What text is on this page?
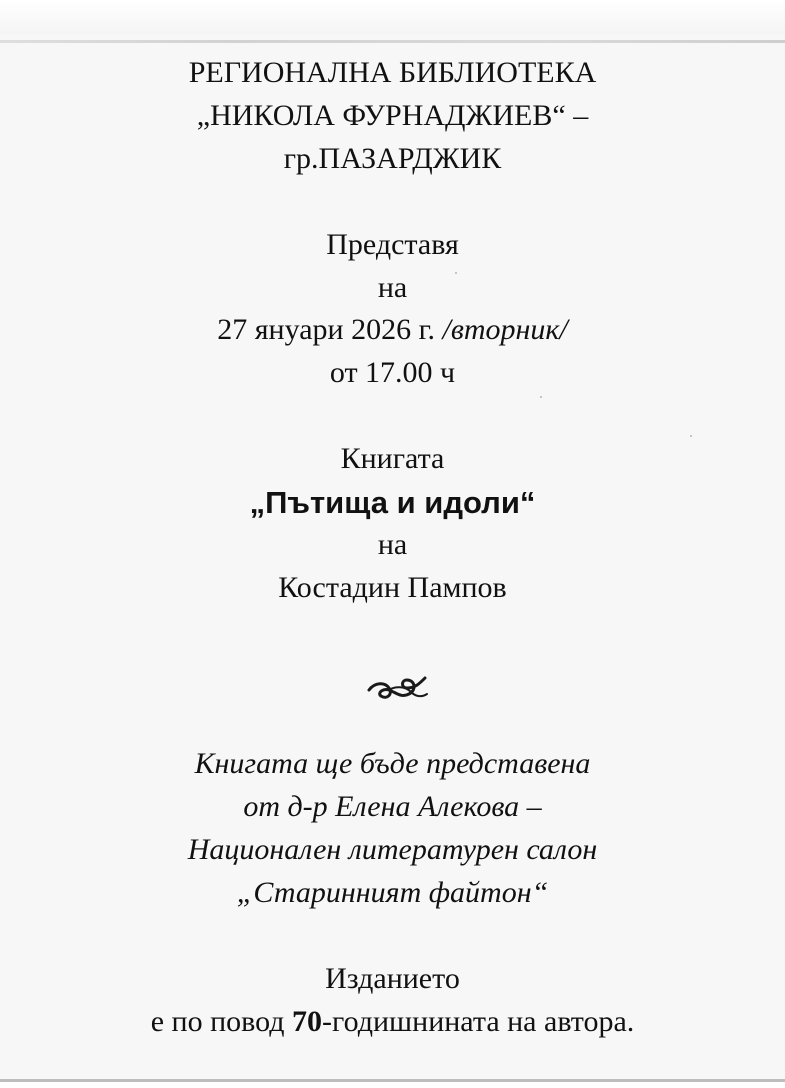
РЕГИОНАЛНА БИБЛИОТЕКА

„НИКОЛА ФУРНАДЖИЕВ“ –

гр.ПАЗАРДЖИК

Представя

на

27 януари 2026 г. /вторник/

от 17.00 ч

Книгата

„Пътища и идоли“

на

Костадин Пампов

Книгата ще бъде представена

от д-р Елена Алекова –

Национален литературен салон

„Старинният файтон“

Изданието

е по повод 70-годишнината на автора.
